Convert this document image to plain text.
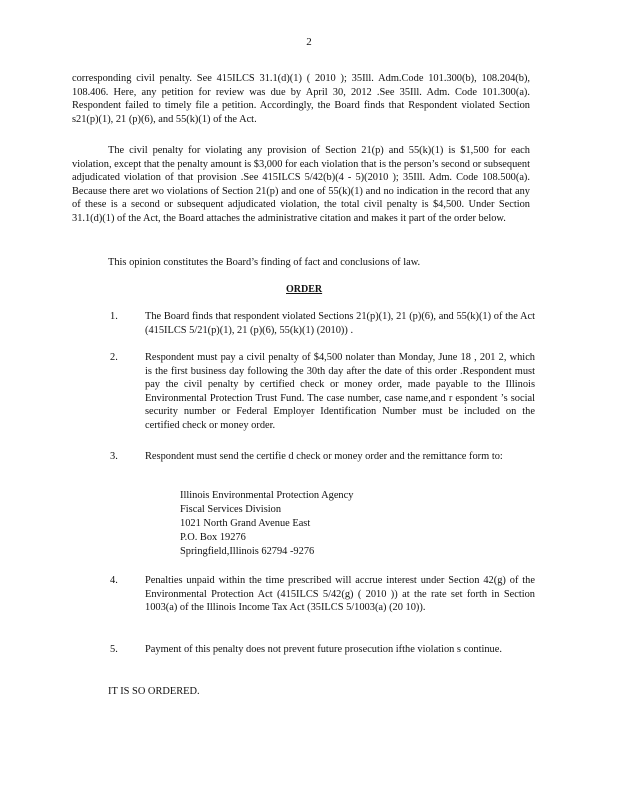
2
corresponding civil penalty. See 415ILCS 31.1(d)(1) ( 2010 ); 35Ill. Adm.Code 101.300(b), 108.204(b), 108.406. Here, any petition for review was due by April 30, 2012 .See 35Ill. Adm. Code 101.300(a). Respondent failed to timely file a petition. Accordingly, the Board finds that Respondent violated Section s21(p)(1), 21 (p)(6), and 55(k)(1) of the Act.
The civil penalty for violating any provision of Section 21(p) and 55(k)(1) is $1,500 for each violation, except that the penalty amount is $3,000 for each violation that is the person’s second or subsequent adjudicated violation of that provision .See 415ILCS 5/42(b)(4 - 5)(2010 ); 35Ill. Adm. Code 108.500(a). Because there aret wo violations of Section 21(p) and one of 55(k)(1) and no indication in the record that any of these is a second or subsequent adjudicated violation, the total civil penalty is $4,500. Under Section 31.1(d)(1) of the Act, the Board attaches the administrative citation and makes it part of the order below.
This opinion constitutes the Board’s finding of fact and conclusions of law.
ORDER
1.	The Board finds that respondent violated Sections 21(p)(1), 21 (p)(6), and 55(k)(1) of the Act (415ILCS 5/21(p)(1), 21 (p)(6), 55(k)(1) (2010)) .
2.	Respondent must pay a civil penalty of $4,500 nolater than Monday, June 18 , 201 2, which is the first business day following the 30th day after the date of this order .Respondent must pay the civil penalty by certified check or money order, made payable to the Illinois Environmental Protection Trust Fund. The case number, case name,and r espondent ’s social security number or Federal Employer Identification Number must be included on the certified check or money order.
3.	Respondent must send the certifie d check or money order and the remittance form to:
Illinois Environmental Protection Agency
Fiscal Services Division
1021 North Grand Avenue East
P.O. Box 19276
Springfield,Illinois 62794 -9276
4.	Penalties unpaid within the time prescribed will accrue interest under Section 42(g) of the Environmental Protection Act (415ILCS 5/42(g) ( 2010 )) at the rate set forth in Section 1003(a) of the Illinois Income Tax Act (35ILCS 5/1003(a) (20 10)).
5.	Payment of this penalty does not prevent future prosecution ifthe violation s continue.
IT IS SO ORDERED.
